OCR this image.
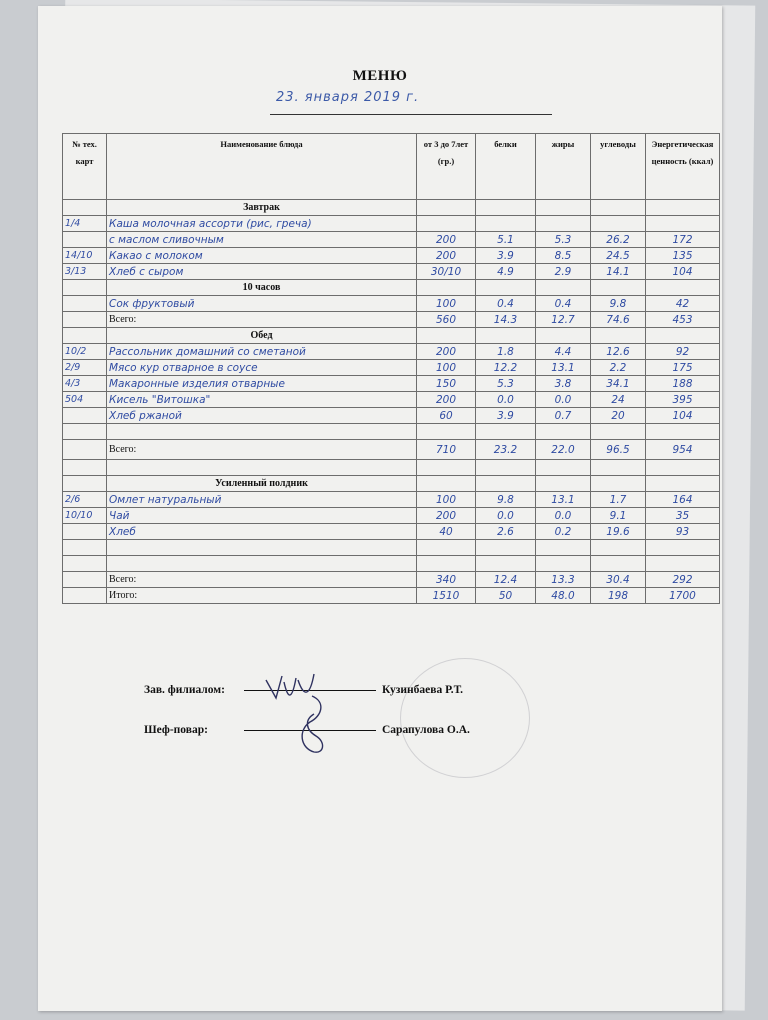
МЕНЮ
23. января 2019 г.
№ тех. карт	Наименование блюда	от 3 до 7лет (гр.)	белки	жиры	углеводы	Энергетическая ценность (ккал)
	Завтрак					
1/4	Каша молочная ассорти (рис, греча)					
	с маслом сливочным	200	5.1	5.3	26.2	172
14/10	Какао с молоком	200	3.9	8.5	24.5	135
3/13	Хлеб с сыром	30/10	4.9	2.9	14.1	104
	10 часов					
	Сок фруктовый	100	0.4	0.4	9.8	42
	Всего:	560	14.3	12.7	74.6	453
	Обед					
10/2	Рассольник домашний со сметаной	200	1.8	4.4	12.6	92
2/9	Мясо кур отварное в соусе	100	12.2	13.1	2.2	175
4/3	Макаронные изделия отварные	150	5.3	3.8	34.1	188
504	Кисель "Витошка"	200	0.0	0.0	24	395
	Хлеб ржаной	60	3.9	0.7	20	104

	Всего:	710	23.2	22.0	96.5	954

	Усиленный полдник					
2/6	Омлет натуральный	100	9.8	13.1	1.7	164
10/10	Чай	200	0.0	0.0	9.1	35
	Хлеб	40	2.6	0.2	19.6	93

	Всего:	340	12.4	13.3	30.4	292
	Итого:	1510	50	48.0	198	1700
Зав. филиалом:	Кузинбаева Р.Т.
Шеф-повар:	Сарапулова О.А.
